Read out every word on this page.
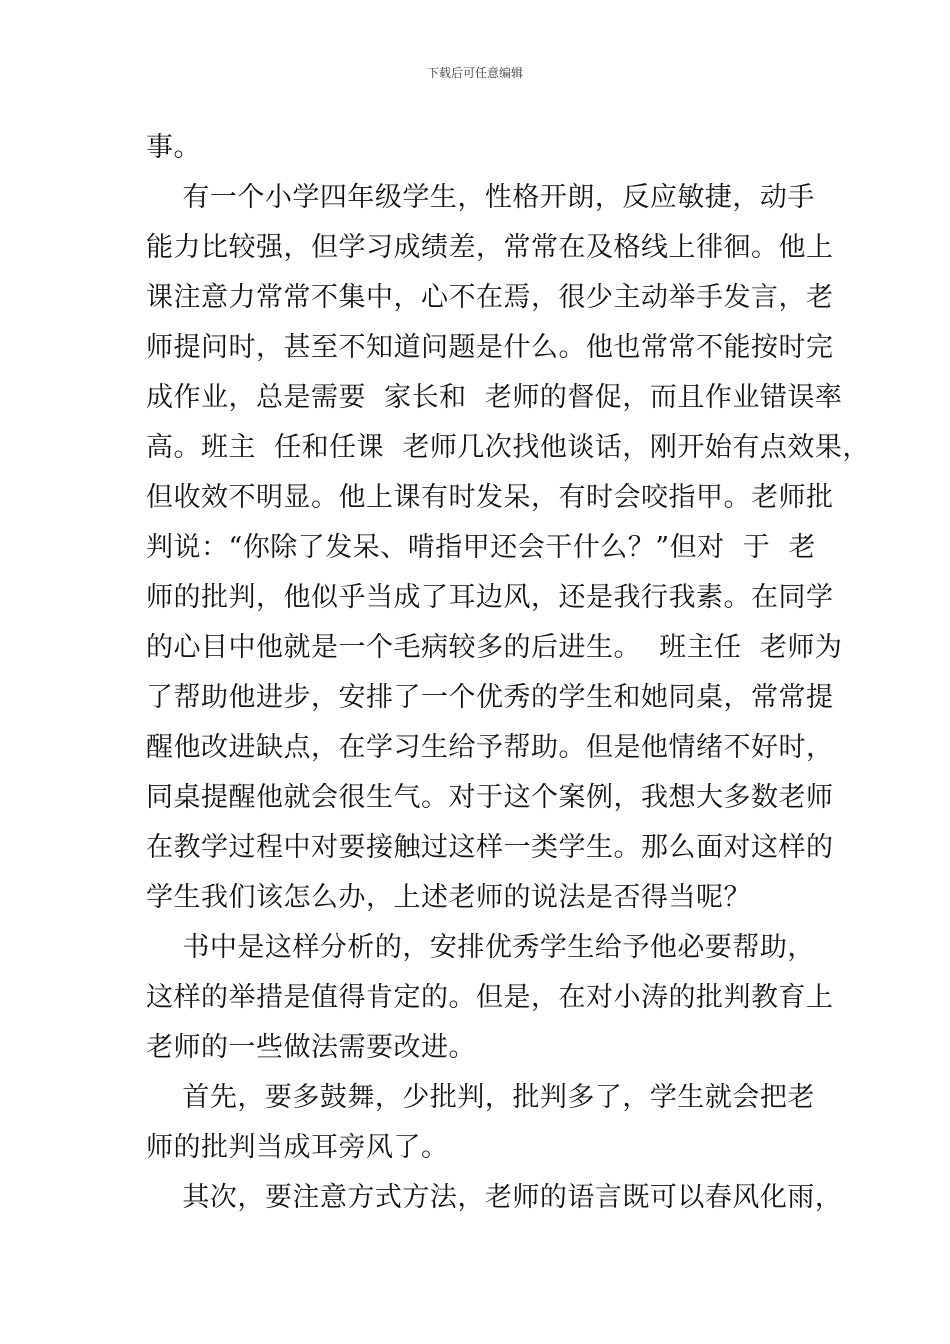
下载后可任意编辑
事。
有一个小学四年级学生，性格开朗，反应敏捷，动手
能力比较强，但学习成绩差，常常在及格线上徘徊。他上
课注意力常常不集中，心不在焉，很少主动举手发言，老
师提问时，甚至不知道问题是什么。他也常常不能按时完
成作业，总是需要  家长和  老师的督促，而且作业错误率
高。班主  任和任课  老师几次找他谈话，刚开始有点效果，
但收效不明显。他上课有时发呆，有时会咬指甲。老师批
判说：“你除了发呆、啃指甲还会干什么？”但对  于  老
师的批判，他似乎当成了耳边风，还是我行我素。在同学
的心目中他就是一个毛病较多的后进生。  班主任  老师为
了帮助他进步，安排了一个优秀的学生和她同桌，常常提
醒他改进缺点，在学习生给予帮助。但是他情绪不好时，
同桌提醒他就会很生气。对于这个案例，我想大多数老师
在教学过程中对要接触过这样一类学生。那么面对这样的
学生我们该怎么办，上述老师的说法是否得当呢？
书中是这样分析的，安排优秀学生给予他必要帮助，
这样的举措是值得肯定的。但是，在对小涛的批判教育上
老师的一些做法需要改进。
首先，要多鼓舞，少批判，批判多了，学生就会把老
师的批判当成耳旁风了。
其次，要注意方式方法，老师的语言既可以春风化雨，
